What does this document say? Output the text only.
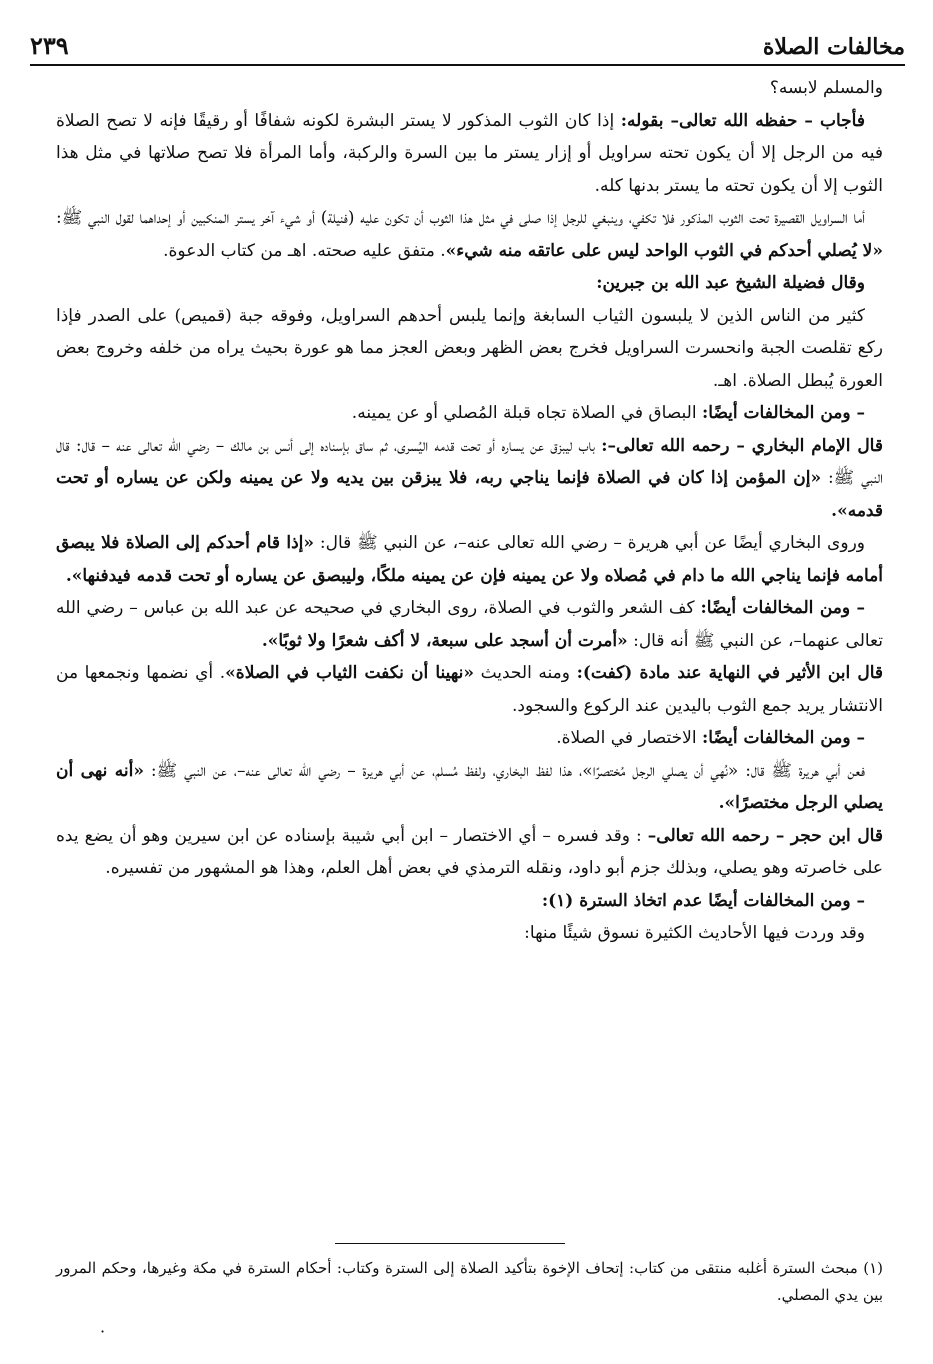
مخالفات الصلاة
٢٣٩

والمسلم لابسه؟

فأجاب – حفظه الله تعالى– بقوله: إذا كان الثوب المذكور لا يستر البشرة لكونه شفافًا أو رقيقًا فإنه لا تصح الصلاة فيه من الرجل إلا أن يكون تحته سراويل أو إزار يستر ما بين السرة والركبة، وأما المرأة فلا تصح صلاتها في مثل هذا الثوب إلا أن يكون تحته ما يستر بدنها كله.

أما السراويل القصيرة تحت الثوب المذكور فلا تكفي، وينبغي للرجل إذا صلى في مثل هذا الثوب أن تكون عليه (فنيلة) أو شيء آخر يستر المنكبين أو إحداهما لقول النبي ﷺ: «لا يُصلي أحدكم في الثوب الواحد ليس على عاتقه منه شيء». متفق عليه صحته. اهـ من كتاب الدعوة.

وقال فضيلة الشيخ عبد الله بن جبرين:

كثير من الناس الذين لا يلبسون الثياب السابغة وإنما يلبس أحدهم السراويل، وفوقه جبة (قميص) على الصدر فإذا ركع تقلصت الجبة وانحسرت السراويل فخرج بعض الظهر وبعض العجز مما هو عورة بحيث يراه من خلفه وخروج بعض العورة يُبطل الصلاة. اهـ.

– ومن المخالفات أيضًا: البصاق في الصلاة تجاه قبلة المُصلي أو عن يمينه.

قال الإمام البخاري – رحمه الله تعالى–: باب ليبزق عن يساره أو تحت قدمه اليُسرى، ثم ساق بإسناده إلى أنس بن مالك – رضي الله تعالى عنه – قال: قال النبي ﷺ: «إن المؤمن إذا كان في الصلاة فإنما يناجي ربه، فلا يبزقن بين يديه ولا عن يمينه ولكن عن يساره أو تحت قدمه».

وروى البخاري أيضًا عن أبي هريرة – رضي الله تعالى عنه–، عن النبي ﷺ قال: «إذا قام أحدكم إلى الصلاة فلا يبصق أمامه فإنما يناجي الله ما دام في مُصلاه ولا عن يمينه فإن عن يمينه ملكًا، وليبصق عن يساره أو تحت قدمه فيدفنها».

– ومن المخالفات أيضًا: كف الشعر والثوب في الصلاة، روى البخاري في صحيحه عن عبد الله بن عباس – رضي الله تعالى عنهما–، عن النبي ﷺ أنه قال: «أمرت أن أسجد على سبعة، لا أكف شعرًا ولا ثوبًا».

قال ابن الأثير في النهاية عند مادة (كفت): ومنه الحديث «نهينا أن نكفت الثياب في الصلاة». أي نضمها ونجمعها من الانتشار يريد جمع الثوب باليدين عند الركوع والسجود.

– ومن المخالفات أيضًا: الاختصار في الصلاة.

فعن أبي هريرة ﷺ قال: «نُهي أن يصلي الرجل مُختصرًا»، هذا لفظ البخاري، ولفظ مُسلم، عن أبي هريرة – رضي الله تعالى عنه–، عن النبي ﷺ: «أنه نهى أن يصلي الرجل مختصرًا».

قال ابن حجر – رحمه الله تعالى– : وقد فسره – أي الاختصار – ابن أبي شيبة بإسناده عن ابن سيرين وهو أن يضع يده على خاصرته وهو يصلي، وبذلك جزم أبو داود، ونقله الترمذي في بعض أهل العلم، وهذا هو المشهور من تفسيره.

– ومن المخالفات أيضًا عدم اتخاذ السترة (١):

وقد وردت فيها الأحاديث الكثيرة نسوق شيئًا منها:

(١) مبحث السترة أغلبه منتقى من كتاب: إتحاف الإخوة بتأكيد الصلاة إلى السترة وكتاب: أحكام السترة في مكة وغيرها، وحكم المرور بين يدي المصلي.
·
